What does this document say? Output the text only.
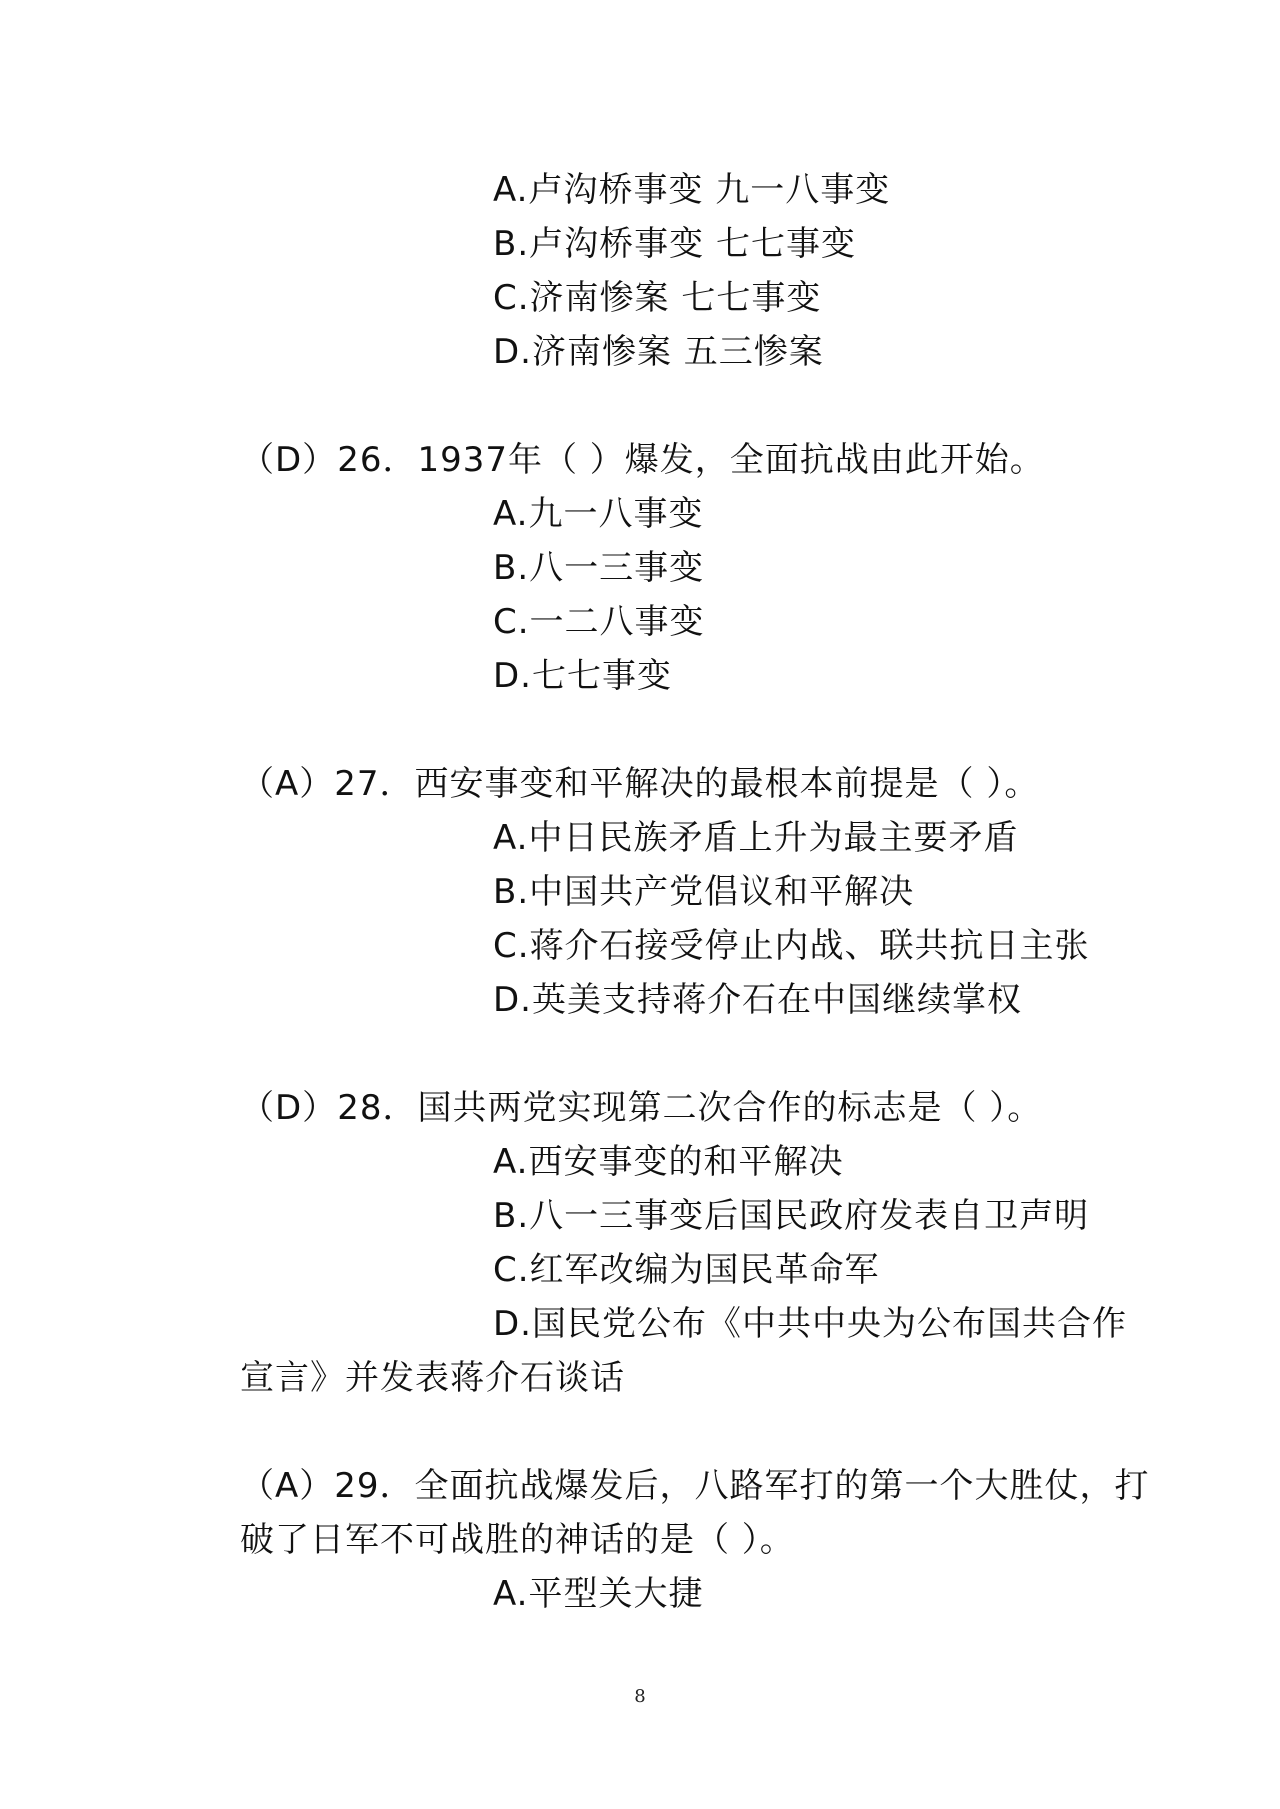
A.卢沟桥事变 九一八事变
B.卢沟桥事变 七七事变
C.济南惨案 七七事变
D.济南惨案 五三惨案
（D）26．1937年（ ）爆发，全面抗战由此开始。
A.九一八事变
B.八一三事变
C.一二八事变
D.七七事变
（A）27．西安事变和平解决的最根本前提是（ ）。
A.中日民族矛盾上升为最主要矛盾
B.中国共产党倡议和平解决
C.蒋介石接受停止内战、联共抗日主张
D.英美支持蒋介石在中国继续掌权
（D）28．国共两党实现第二次合作的标志是（ ）。
A.西安事变的和平解决
B.八一三事变后国民政府发表自卫声明
C.红军改编为国民革命军
D.国民党公布《中共中央为公布国共合作
宣言》并发表蒋介石谈话
（A）29．全面抗战爆发后，八路军打的第一个大胜仗，打
破了日军不可战胜的神话的是（ ）。
A.平型关大捷
8
